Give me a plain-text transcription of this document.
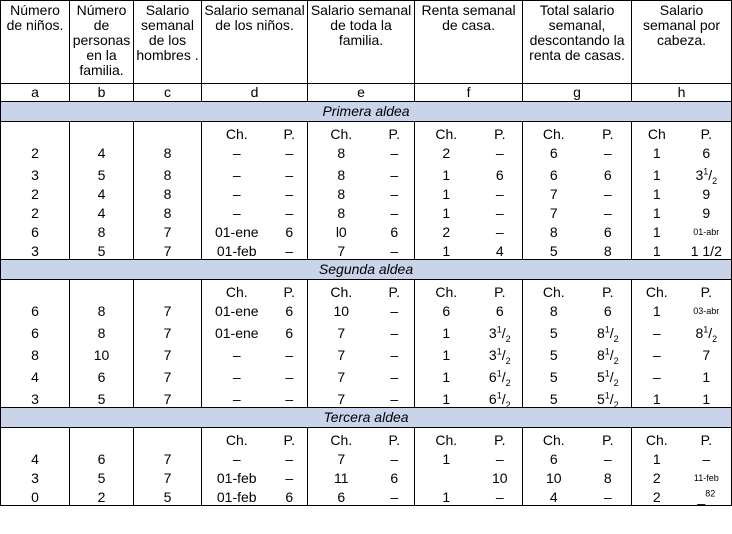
Número de niños.	Número de personas en la familia.	Salario semanal de los hombres .	Salario semanal de los niños.		Salario semanal de toda la familia.		Renta semanal de casa.		Total salario semanal, descontando la renta de casas.		Salario semanal por cabeza.	
a	b	c	d		e		f		g		h	
Primera aldea												
			Ch.	P.	Ch.	P.	Ch.	P.	Ch.	P.	Ch	P.
2	4	8	–	–	8	–	2	–	6	–	1	6
3	5	8	–	–	8	–	1	6	6	6	1	$3^1/_2$
2	4	8	–	–	8	–	1	–	7	–	1	9
2	4	8	–	–	8	–	1	–	7	–	1	9
6	8	7	01-ene	6	l0	6	2	–	8	6	1	01-abr
3	5	7	01-feb	–	7	–	1	4	5	8	1	1 1/2
Segunda aldea												
			Ch.	P.	Ch.	P.	Ch.	P.	Ch.	P.	Ch.	P.
6	8	7	01-ene	6	10	–	6	6	8	6	1	03-abr
6	8	7	01-ene	6	7	–	1	$3^1/_2$	5	$8^1/_2$	–	$8^1/_2$
8	10	7	–	–	7	–	1	$3^1/_2$	5	$8^1/_2$	–	7
4	6	7	–	–	7	–	1	$6^1/_2$	5	$5^1/_2$	–	1
3	5	7	–	–	7	–	1	$6^1/_2$	5	$5^1/_2$	1	1
Tercera aldea												
			Ch.	P.	Ch.	P.	Ch.	P.	Ch.	P.	Ch.	P.
4	6	7	–	–	7	–	1	–	6	–	1	–
3	5	7	01-feb	–	11	6		10	10	8	2	11-feb
0	2	5	01-feb	6	6	–	1	–	4	–	2	_$^{82}$
